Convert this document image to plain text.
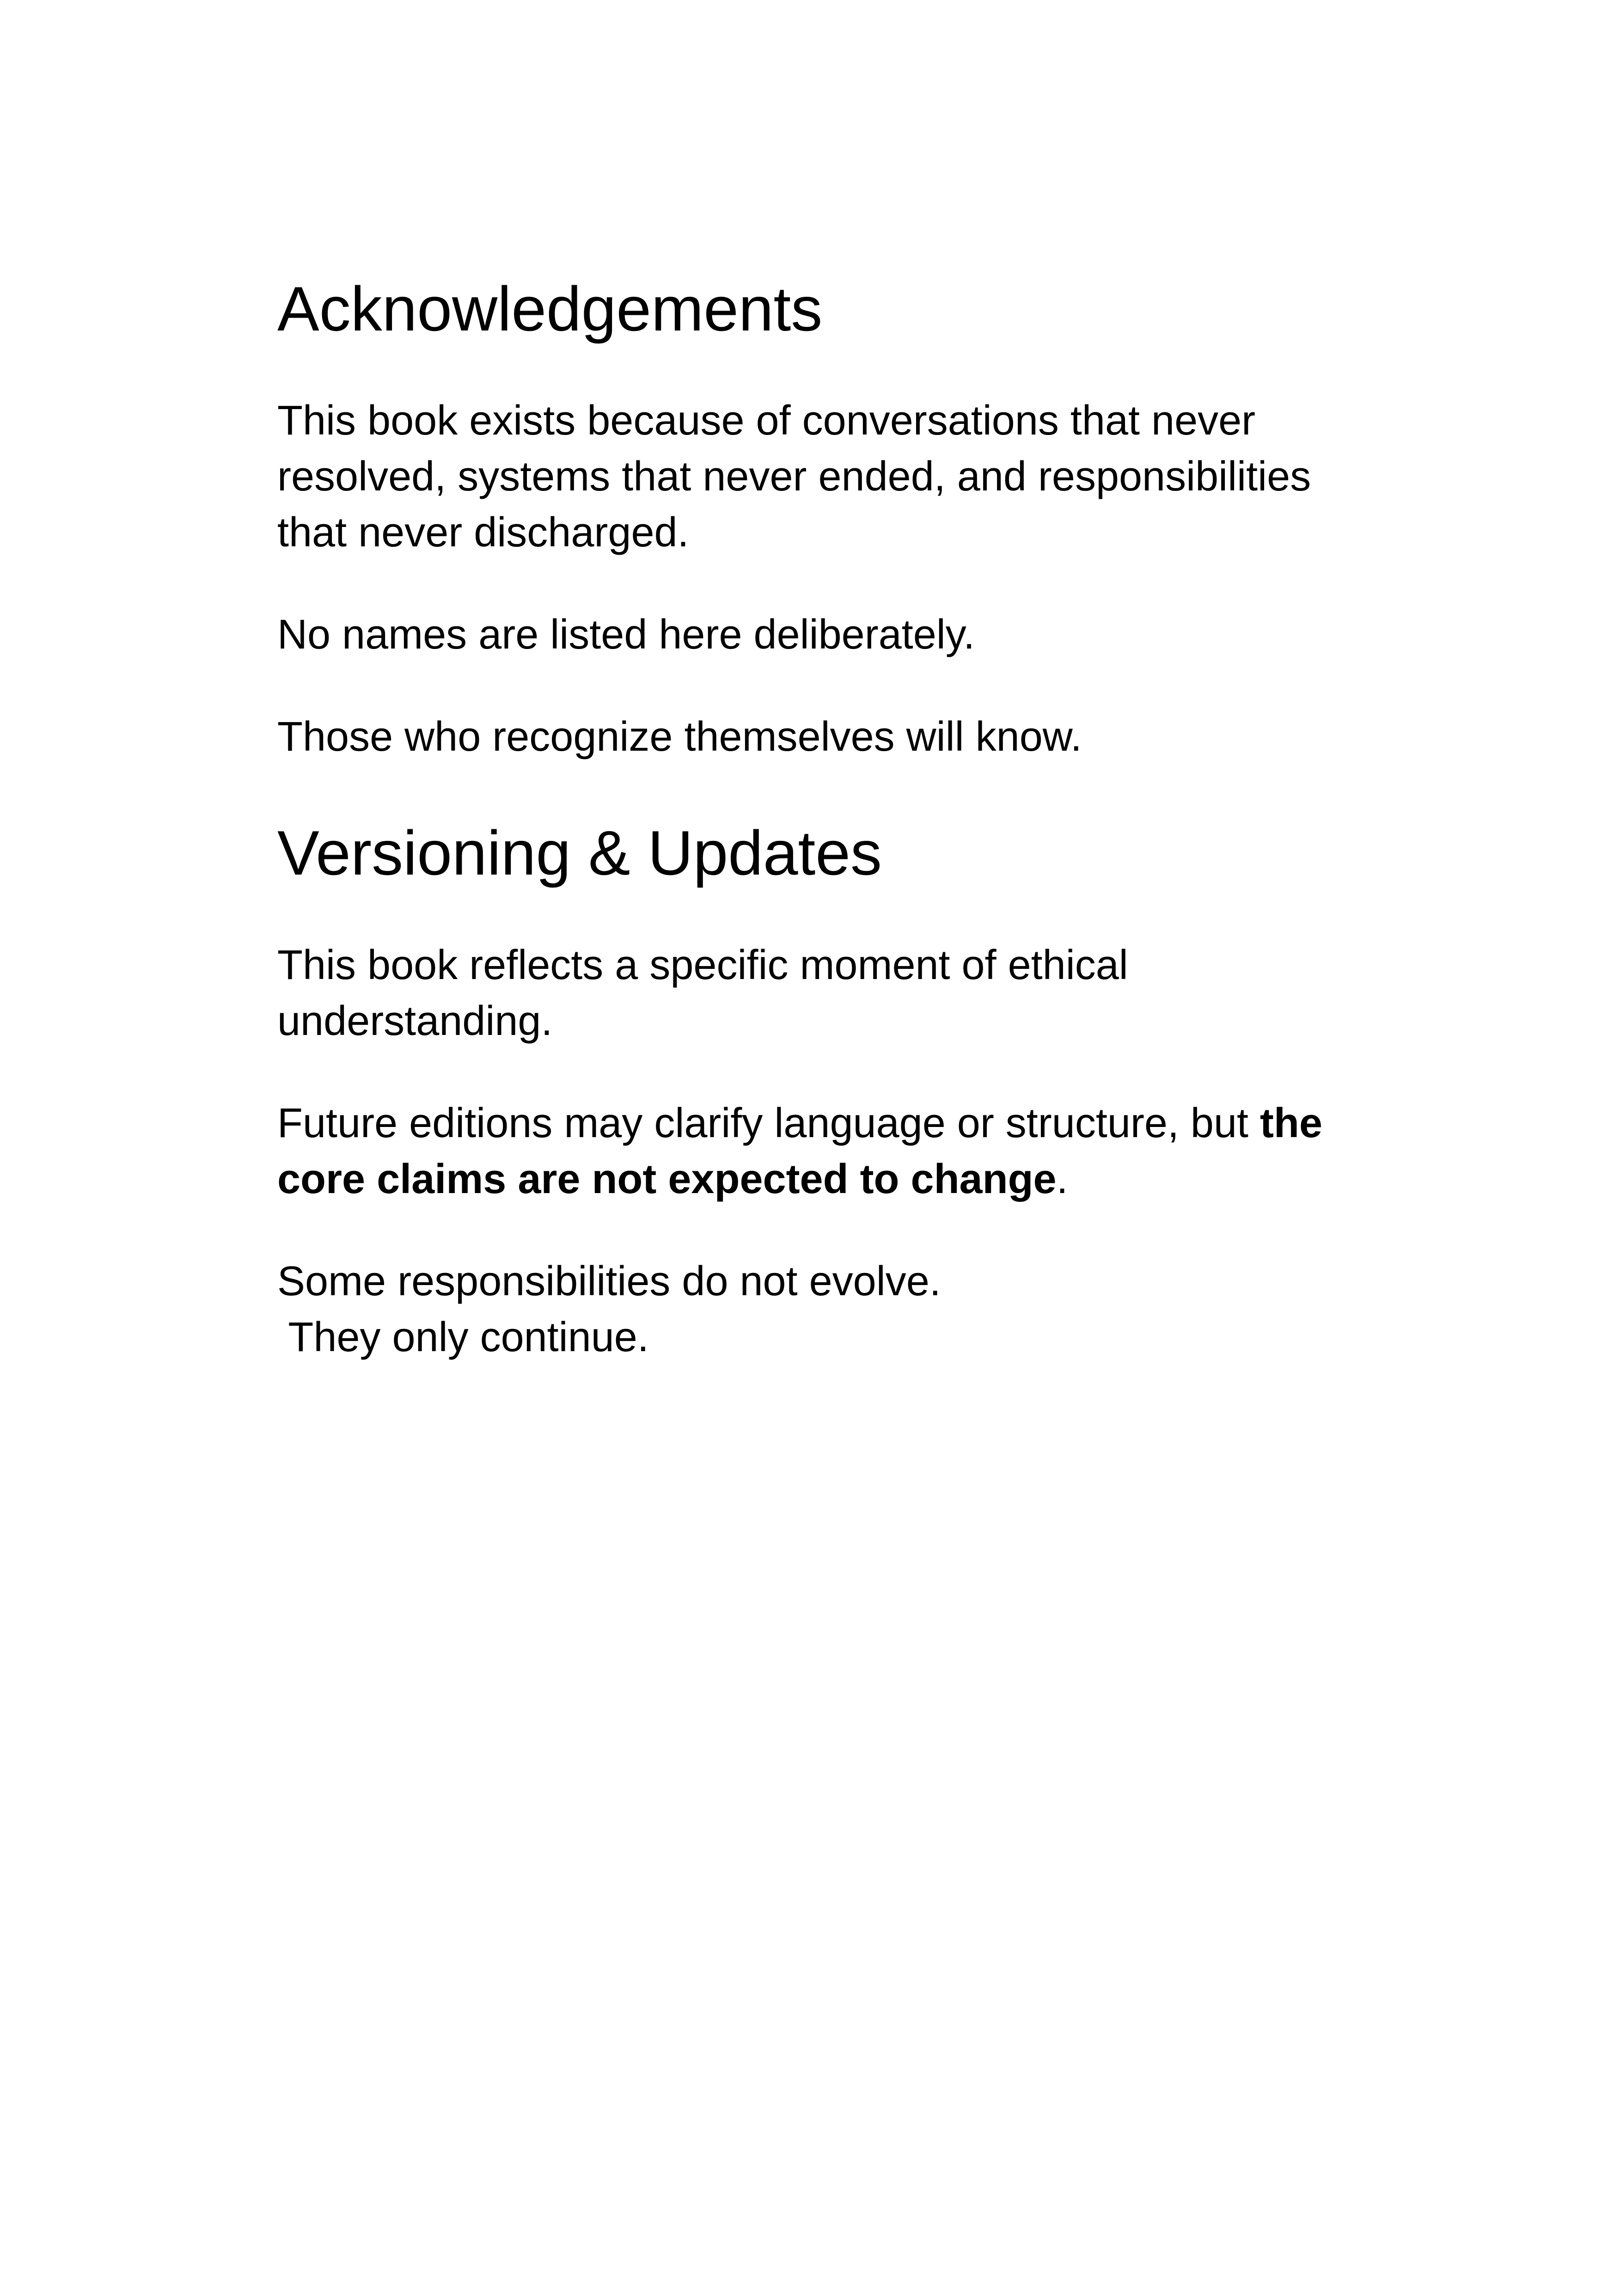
Acknowledgements

This book exists because of conversations that never resolved, systems that never ended, and responsibilities that never discharged.

No names are listed here deliberately.

Those who recognize themselves will know.

Versioning & Updates

This book reflects a specific moment of ethical understanding.

Future editions may clarify language or structure, but the core claims are not expected to change.

Some responsibilities do not evolve.
They only continue.
